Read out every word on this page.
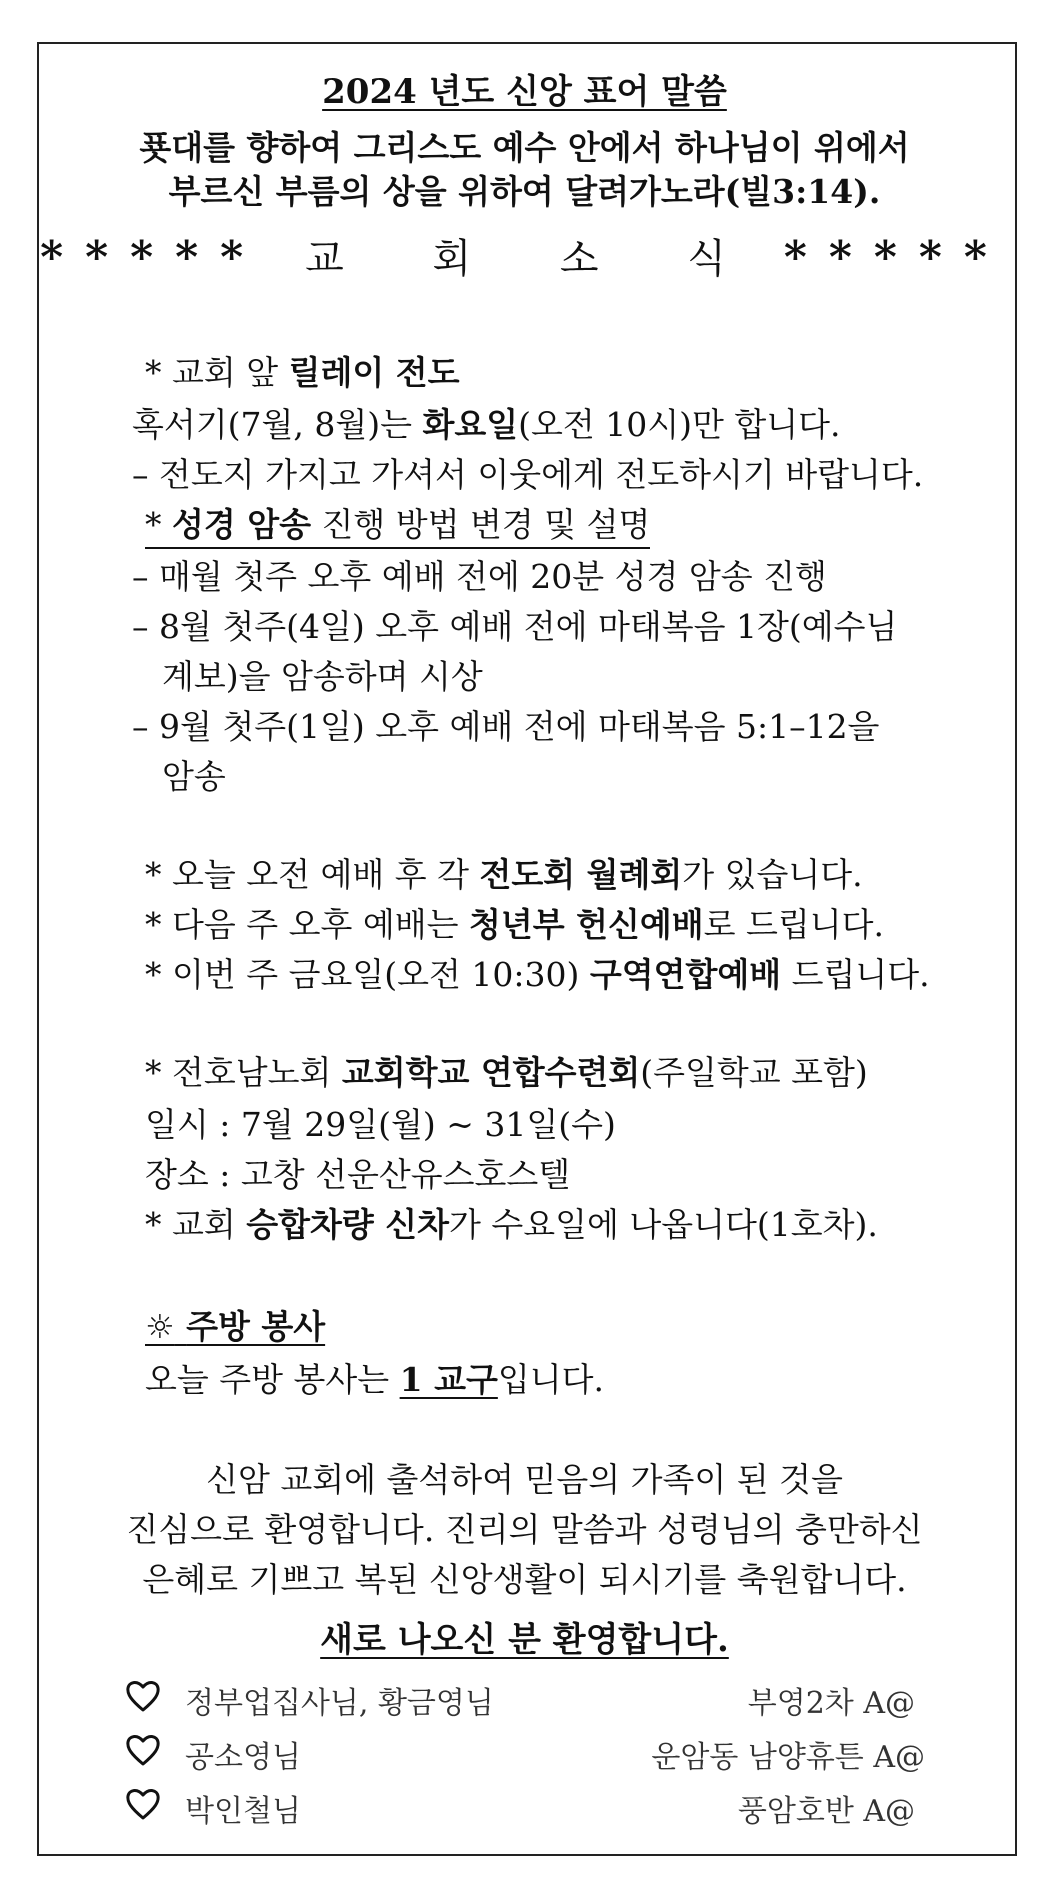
2024 년도 신앙 표어 말씀
푯대를 향하여 그리스도 예수 안에서 하나님이 위에서
부르신 부름의 상을 위하여 달려가노라(빌3:14).
***** 교 회 소 식 *****
* 교회 앞 릴레이 전도
혹서기(7월, 8월)는 화요일(오전 10시)만 합니다.
– 전도지 가지고 가셔서 이웃에게 전도하시기 바랍니다.
* 성경 암송 진행 방법 변경 및 설명
– 매월 첫주 오후 예배 전에 20분 성경 암송 진행
– 8월 첫주(4일) 오후 예배 전에 마태복음 1장(예수님
계보)을 암송하며 시상
– 9월 첫주(1일) 오후 예배 전에 마태복음 5:1–12을
암송
* 오늘 오전 예배 후 각 전도회 월례회가 있습니다.
* 다음 주 오후 예배는 청년부 헌신예배로 드립니다.
* 이번 주 금요일(오전 10:30) 구역연합예배 드립니다.
* 전호남노회 교회학교 연합수련회(주일학교 포함)
일시 : 7월 29일(월) ~ 31일(수)
장소 : 고창 선운산유스호스텔
* 교회 승합차량 신차가 수요일에 나옵니다(1호차).
☼ 주방 봉사
오늘 주방 봉사는 1 교구입니다.
신암 교회에 출석하여 믿음의 가족이 된 것을
진심으로 환영합니다. 진리의 말씀과 성령님의 충만하신
은혜로 기쁘고 복된 신앙생활이 되시기를 축원합니다.
새로 나오신 분 환영합니다.
정부업집사님, 황금영님	부영2차 A@
공소영님	운암동 남양휴튼 A@
박인철님	풍암호반 A@
